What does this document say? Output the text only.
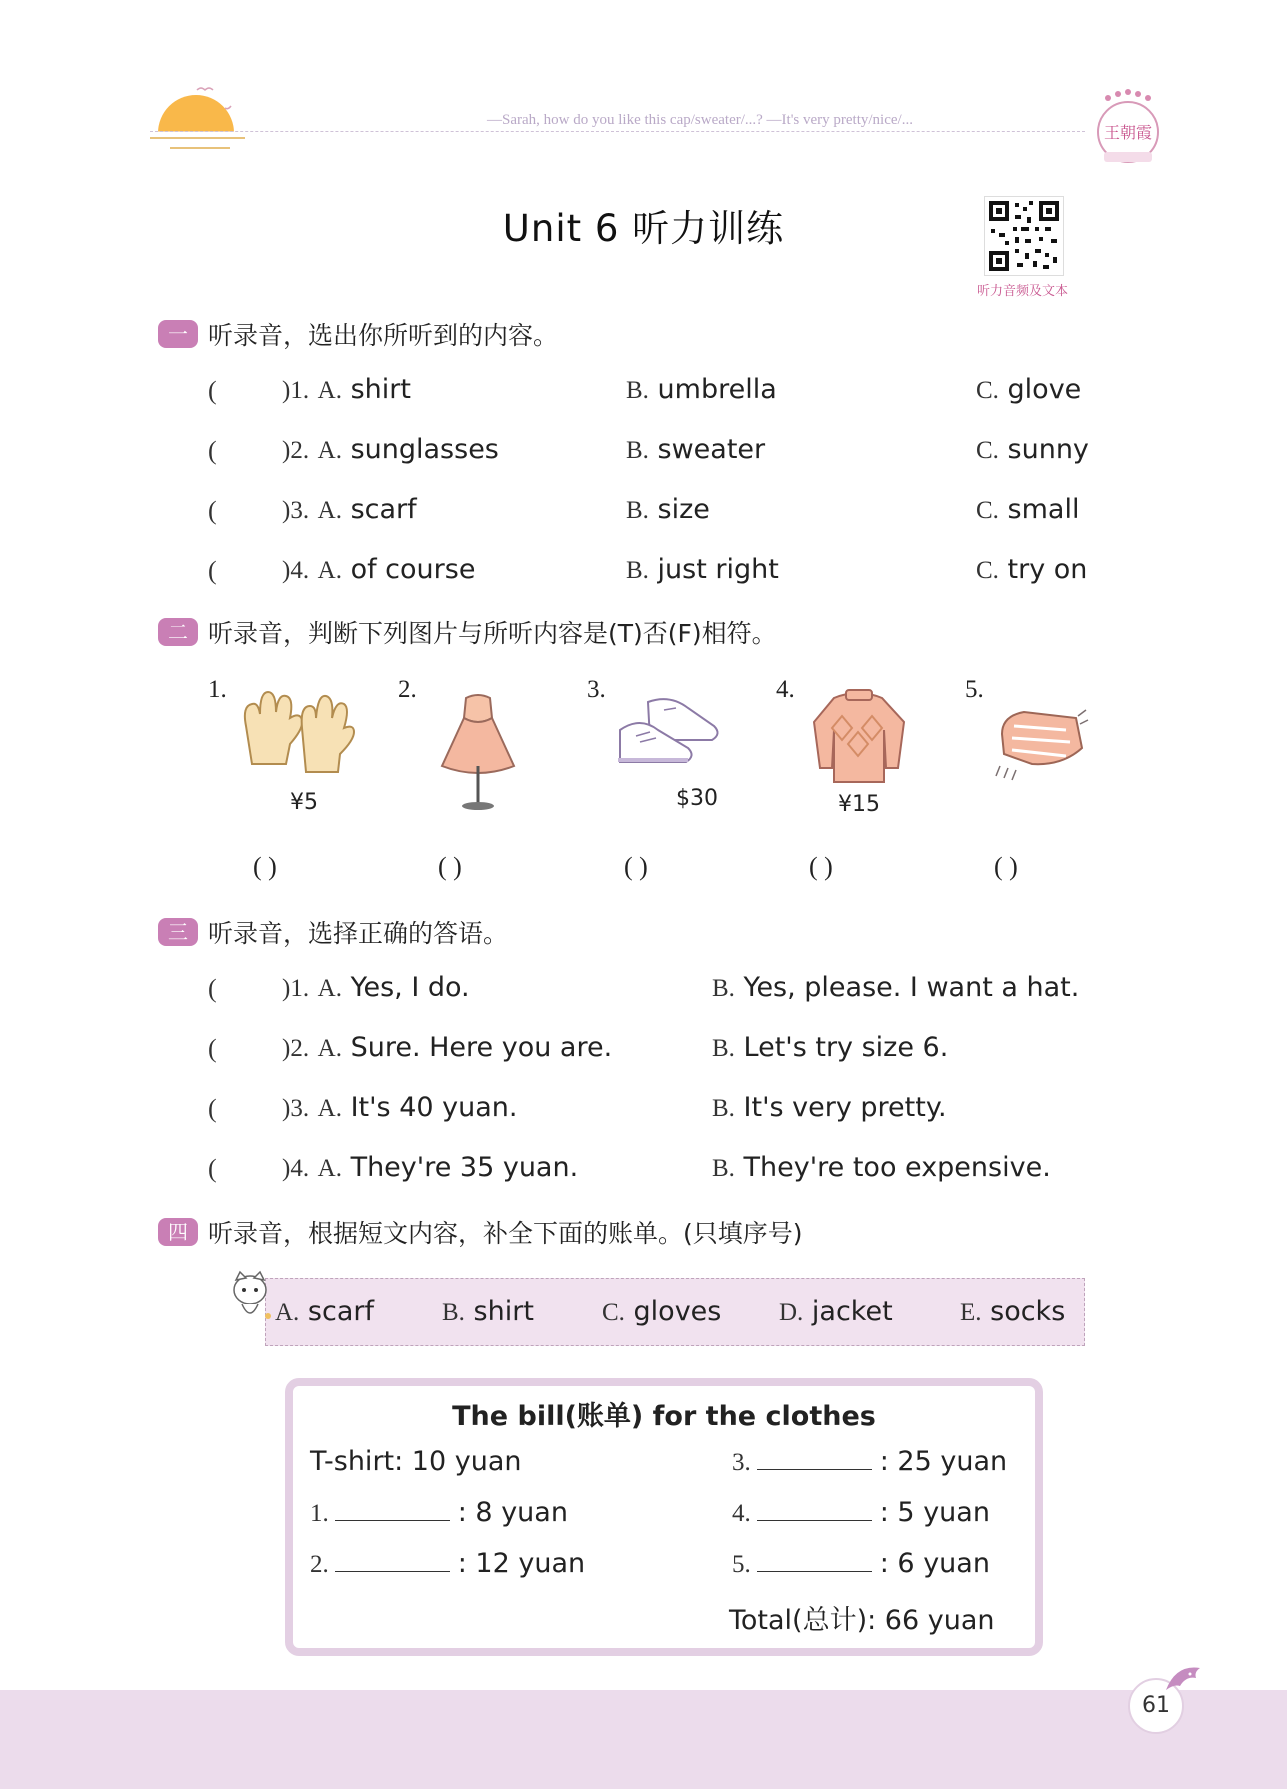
—Sarah, how do you like this cap/sweater/...? —It's very pretty/nice/...
王朝霞
Unit 6 听力训练
听力音频及文本
一 听录音，选出你所听到的内容。
(	)1. A. shirt	B. umbrella	C. glove
(	)2. A. sunglasses	B. sweater	C. sunny
(	)3. A. scarf	B. size	C. small
(	)4. A. of course	B. just right	C. try on
二 听录音，判断下列图片与所听内容是(T)否(F)相符。
1.	2.	3.	4.	5.
¥5	$30	¥15
( )	( )	( )	( )	( )
三 听录音，选择正确的答语。
(	)1. A. Yes, I do.	B. Yes, please. I want a hat.
(	)2. A. Sure. Here you are.	B. Let's try size 6.
(	)3. A. It's 40 yuan.	B. It's very pretty.
(	)4. A. They're 35 yuan.	B. They're too expensive.
四 听录音，根据短文内容，补全下面的账单。(只填序号)
A. scarf	B. shirt	C. gloves D. jacket	E. socks
The bill(账单) for the clothes
T-shirt: 10 yuan
1.	: 8 yuan
2.	: 12 yuan
3.	: 25 yuan
4.	: 5 yuan
5.	: 6 yuan
Total(总计): 66 yuan
61
